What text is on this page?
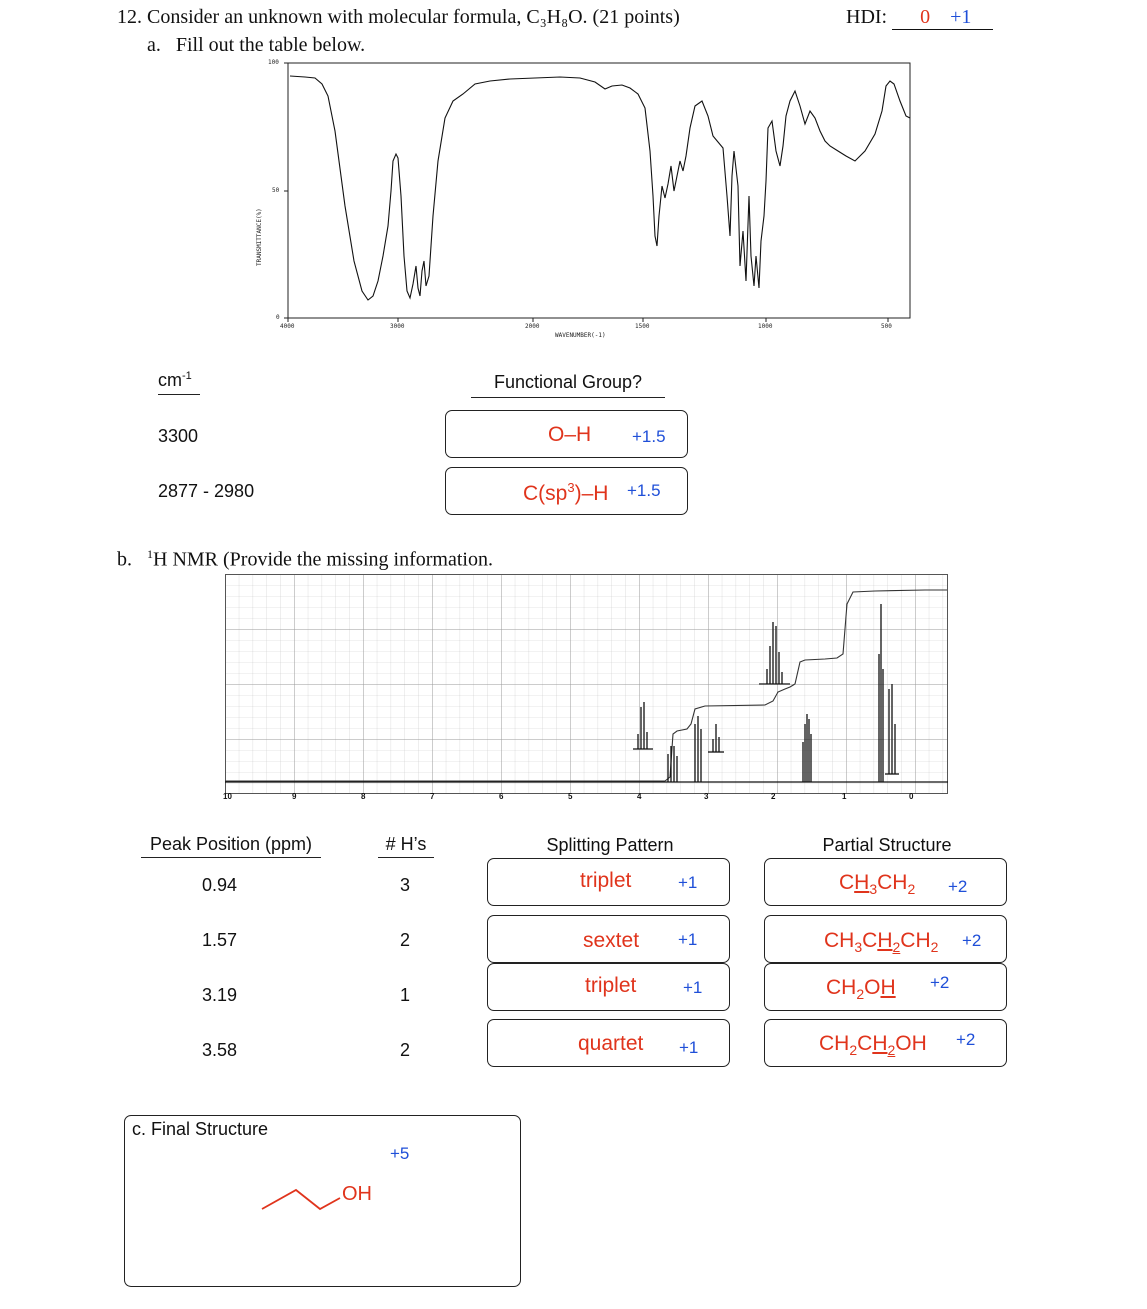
12. Consider an unknown with molecular formula, C₃H₈O. (21 points)	HDI: 0 +1
a.   Fill out the table below.
100
50
0
TRANSMITTANCE(%)
4000	3000	2000	1500	1000	500
WAVENUMBER(-1)
$cm^{-1}$	Functional Group?
3300	O–H +1.5
2877 - 2980	$C(sp^3)-H +1.5$
b.   $^1$H NMR (Provide the missing information.
10	9	8	7	6	5	4	3	2	1	0
Peak Position (ppm)	# H’s	Splitting Pattern	Partial Structure
0.94	3	triplet	+1	$CH_3CH_2 +2$
1.57	2	sextet +1	$CH_3CH_2CH_2 +2$
3.19	1	triplet	+1	$CH_2OH +2$
3.58	2	quartet +1	$CH_2CH_2OH +2$
c. Final Structure
+5
OH
